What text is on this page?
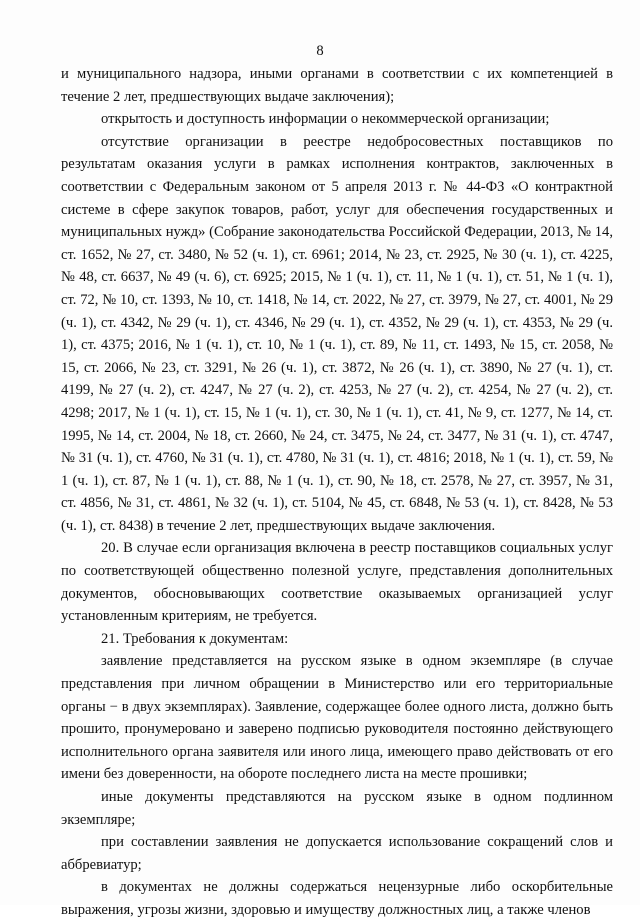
8

и муниципального надзора, иными органами в соответствии с их компетенцией в течение 2 лет, предшествующих выдаче заключения);

открытость и доступность информации о некоммерческой организации;

отсутствие организации в реестре недобросовестных поставщиков по результатам оказания услуги в рамках исполнения контрактов, заключенных в соответствии с Федеральным законом от 5 апреля 2013 г. № 44-ФЗ «О контрактной системе в сфере закупок товаров, работ, услуг для обеспечения государственных и муниципальных нужд» (Собрание законодательства Российской Федерации, 2013, № 14, ст. 1652, № 27, ст. 3480, № 52 (ч. 1), ст. 6961; 2014, № 23, ст. 2925, № 30 (ч. 1), ст. 4225, № 48, ст. 6637, № 49 (ч. 6), ст. 6925; 2015, № 1 (ч. 1), ст. 11, № 1 (ч. 1), ст. 51, № 1 (ч. 1), ст. 72, № 10, ст. 1393, № 10, ст. 1418, № 14, ст. 2022, № 27, ст. 3979, № 27, ст. 4001, № 29 (ч. 1), ст. 4342, № 29 (ч. 1), ст. 4346, № 29 (ч. 1), ст. 4352, № 29 (ч. 1), ст. 4353, № 29 (ч. 1), ст. 4375; 2016, № 1 (ч. 1), ст. 10, № 1 (ч. 1), ст. 89, № 11, ст. 1493, № 15, ст. 2058, № 15, ст. 2066, № 23, ст. 3291, № 26 (ч. 1), ст. 3872, № 26 (ч. 1), ст. 3890, № 27 (ч. 1), ст. 4199, № 27 (ч. 2), ст. 4247, № 27 (ч. 2), ст. 4253, № 27 (ч. 2), ст. 4254, № 27 (ч. 2), ст. 4298; 2017, № 1 (ч. 1), ст. 15, № 1 (ч. 1), ст. 30, № 1 (ч. 1), ст. 41, № 9, ст. 1277, № 14, ст. 1995, № 14, ст. 2004, № 18, ст. 2660, № 24, ст. 3475, № 24, ст. 3477, № 31 (ч. 1), ст. 4747, № 31 (ч. 1), ст. 4760, № 31 (ч. 1), ст. 4780, № 31 (ч. 1), ст. 4816; 2018, № 1 (ч. 1), ст. 59, № 1 (ч. 1), ст. 87, № 1 (ч. 1), ст. 88, № 1 (ч. 1), ст. 90, № 18, ст. 2578, № 27, ст. 3957, № 31, ст. 4856, № 31, ст. 4861, № 32 (ч. 1), ст. 5104, № 45, ст. 6848, № 53 (ч. 1), ст. 8428, № 53 (ч. 1), ст. 8438) в течение 2 лет, предшествующих выдаче заключения.

20. В случае если организация включена в реестр поставщиков социальных услуг по соответствующей общественно полезной услуге, представления дополнительных документов, обосновывающих соответствие оказываемых организацией услуг установленным критериям, не требуется.

21. Требования к документам:

заявление представляется на русском языке в одном экземпляре (в случае представления при личном обращении в Министерство или его территориальные органы − в двух экземплярах). Заявление, содержащее более одного листа, должно быть прошито, пронумеровано и заверено подписью руководителя постоянно действующего исполнительного органа заявителя или иного лица, имеющего право действовать от его имени без доверенности, на обороте последнего листа на месте прошивки;

иные документы представляются на русском языке в одном подлинном экземпляре;

при составлении заявления не допускается использование сокращений слов и аббревиатур;

в документах не должны содержаться нецензурные либо оскорбительные выражения, угрозы жизни, здоровью и имуществу должностных лиц, а также членов
